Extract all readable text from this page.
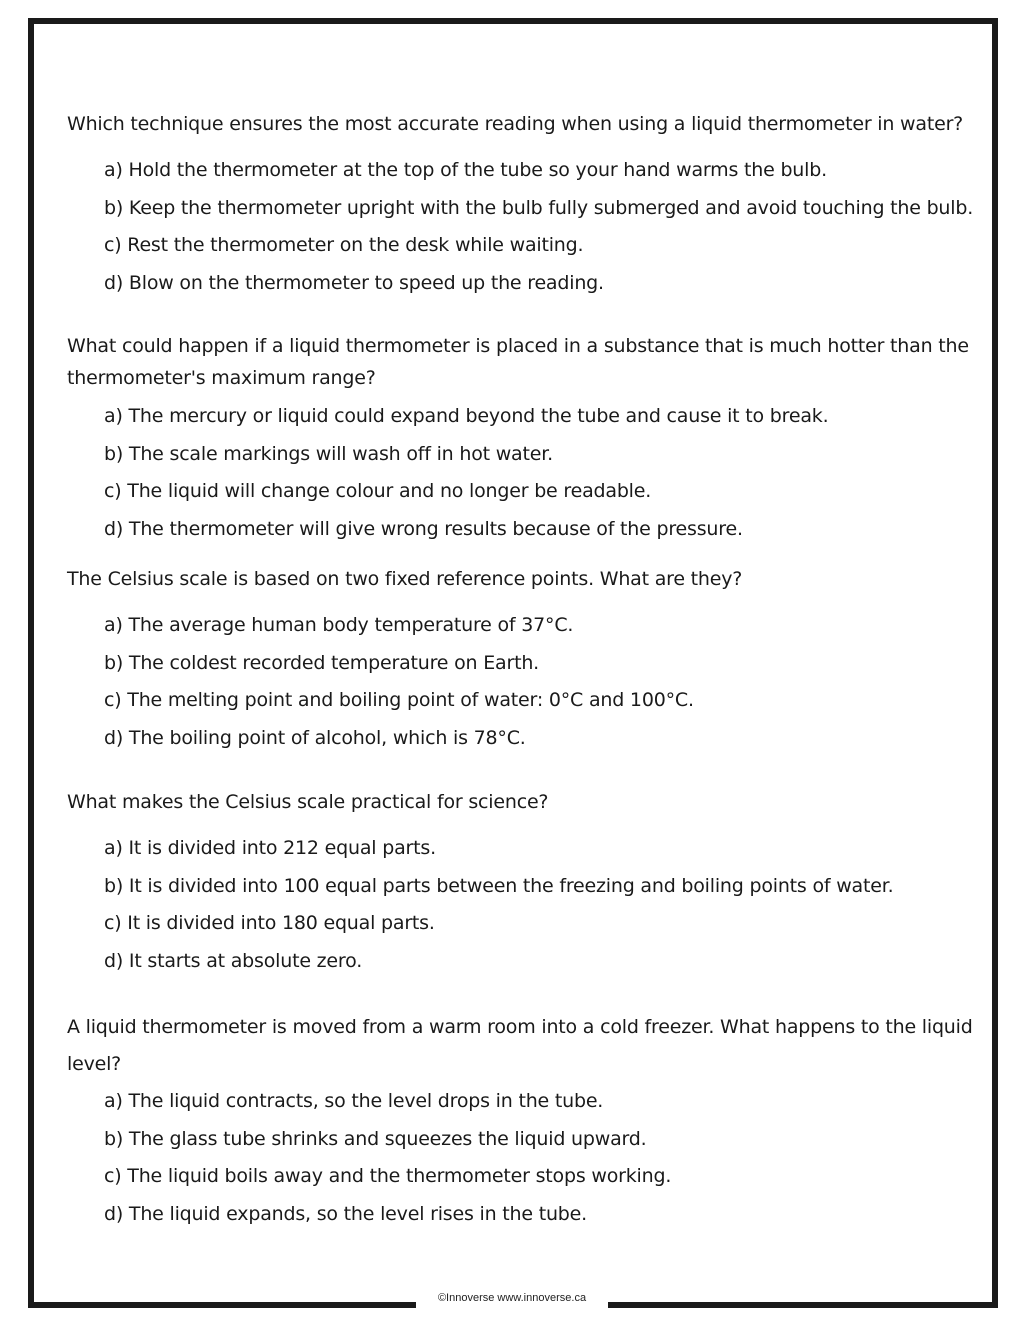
Which technique ensures the most accurate reading when using a liquid thermometer in water?

a) Hold the thermometer at the top of the tube so your hand warms the bulb.
b) Keep the thermometer upright with the bulb fully submerged and avoid touching the bulb.
c) Rest the thermometer on the desk while waiting.
d) Blow on the thermometer to speed up the reading.

What could happen if a liquid thermometer is placed in a substance that is much hotter than the thermometer's maximum range?

a) The mercury or liquid could expand beyond the tube and cause it to break.
b) The scale markings will wash off in hot water.
c) The liquid will change colour and no longer be readable.
d) The thermometer will give wrong results because of the pressure.

The Celsius scale is based on two fixed reference points. What are they?

a) The average human body temperature of 37°C.
b) The coldest recorded temperature on Earth.
c) The melting point and boiling point of water: 0°C and 100°C.
d) The boiling point of alcohol, which is 78°C.

What makes the Celsius scale practical for science?

a) It is divided into 212 equal parts.
b) It is divided into 100 equal parts between the freezing and boiling points of water.
c) It is divided into 180 equal parts.
d) It starts at absolute zero.

A liquid thermometer is moved from a warm room into a cold freezer. What happens to the liquid level?

a) The liquid contracts, so the level drops in the tube.
b) The glass tube shrinks and squeezes the liquid upward.
c) The liquid boils away and the thermometer stops working.
d) The liquid expands, so the level rises in the tube.
©Innoverse www.innoverse.ca
